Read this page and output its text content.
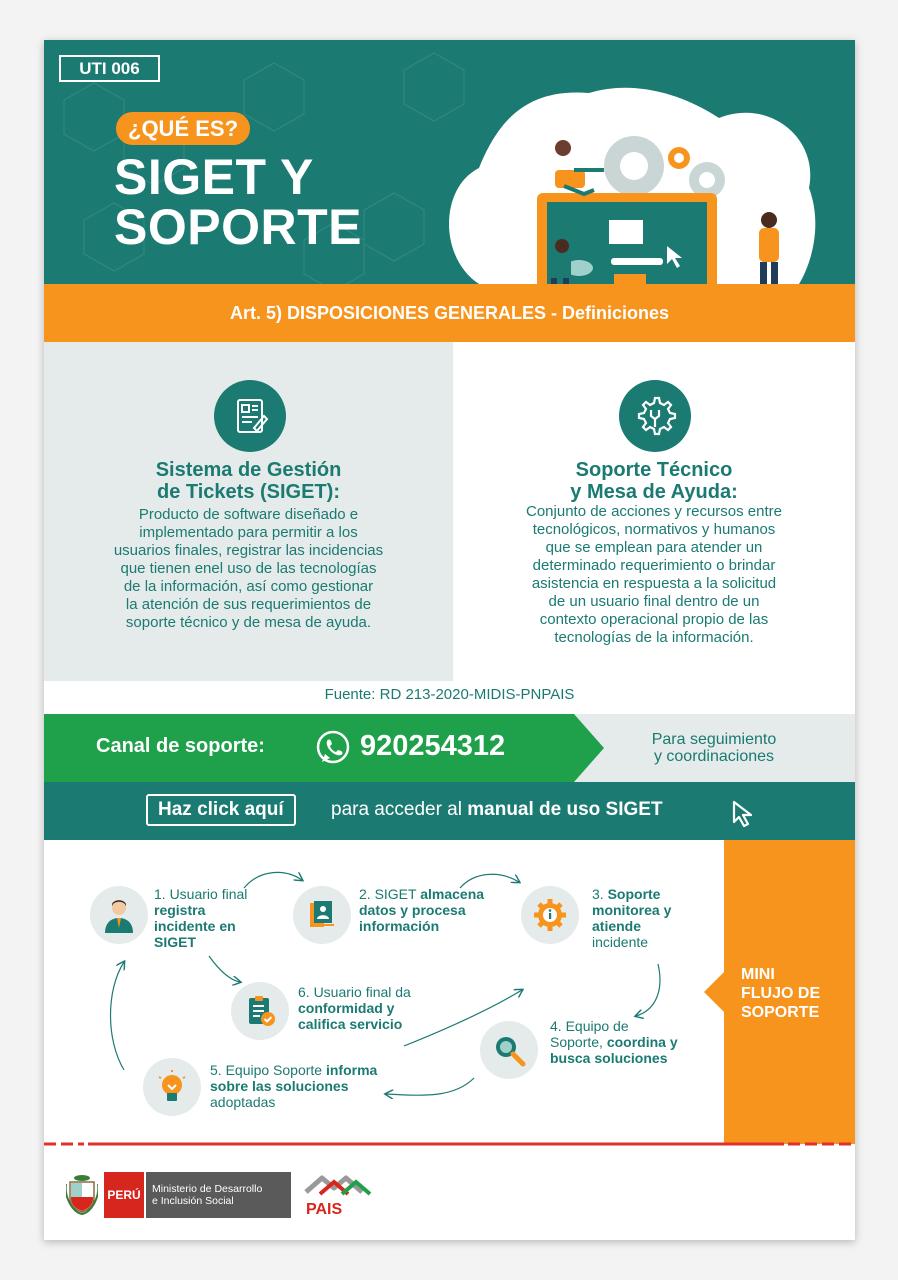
UTI 006
¿QUÉ ES?
SIGET Y
SOPORTE
Art. 5) DISPOSICIONES GENERALES - Definiciones
Sistema de Gestión
de Tickets (SIGET):
Producto de software diseñado e
implementado para permitir a los
usuarios finales, registrar las incidencias
que tienen enel uso de las tecnologías
de la información, así como gestionar
la atención de sus requerimientos de
soporte técnico y de mesa de ayuda.
Soporte Técnico
y Mesa de Ayuda:
Conjunto de acciones y recursos entre
tecnológicos, normativos y humanos
que se emplean para atender un
determinado requerimiento o brindar
asistencia en respuesta a la solicitud
de un usuario final dentro de un
contexto operacional propio de las
tecnologías de la información.
Fuente: RD 213-2020-MIDIS-PNPAIS
Canal de soporte:	920254312	Para seguimiento
y coordinaciones
Haz click aquí	para acceder al manual de uso SIGET
1. Usuario final registra incidente en SIGET
2. SIGET almacena datos y procesa información
3. Soporte monitorea y atiende incidente
4. Equipo de Soporte, coordina y busca soluciones
5. Equipo Soporte informa sobre las soluciones adoptadas
6. Usuario final da conformidad y califica servicio
MINI
FLUJO DE
SOPORTE
PERÚ	Ministerio de Desarrollo
e Inclusión Social	PAIS
